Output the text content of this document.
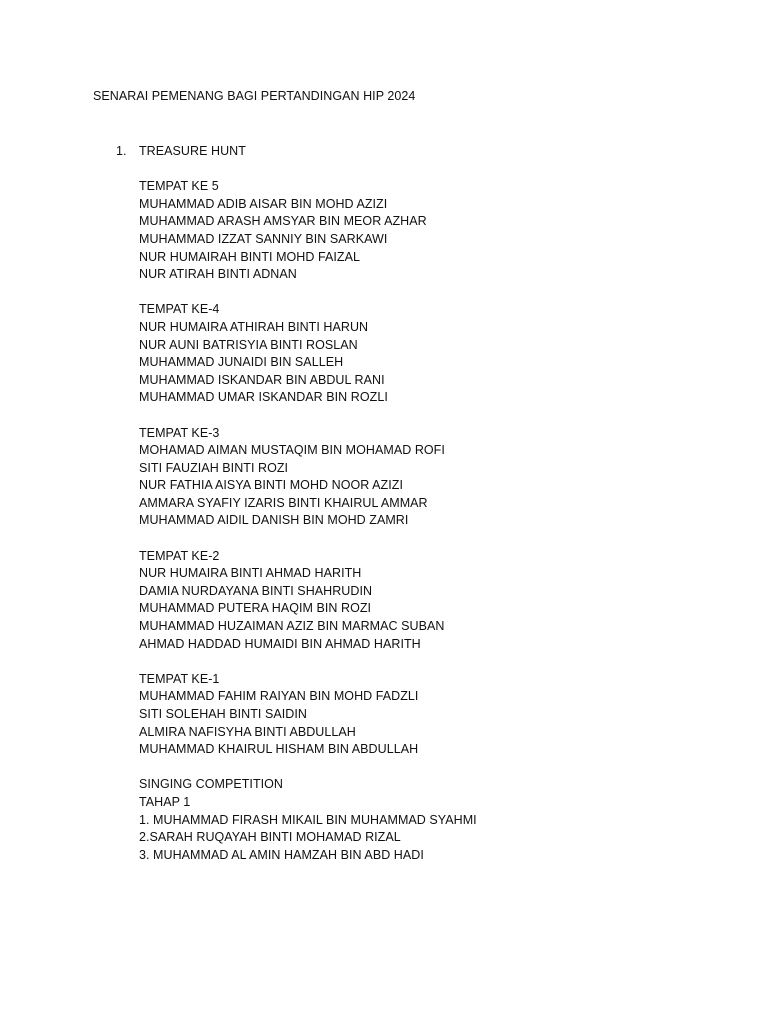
SENARAI PEMENANG BAGI PERTANDINGAN HIP 2024
1. TREASURE HUNT
TEMPAT KE 5
MUHAMMAD ADIB AISAR BIN MOHD AZIZI
MUHAMMAD ARASH AMSYAR BIN MEOR AZHAR
MUHAMMAD IZZAT SANNIY BIN SARKAWI
NUR HUMAIRAH BINTI MOHD FAIZAL
NUR ATIRAH BINTI ADNAN
TEMPAT KE-4
NUR HUMAIRA ATHIRAH BINTI HARUN
NUR AUNI BATRISYIA BINTI ROSLAN
MUHAMMAD JUNAIDI BIN SALLEH
MUHAMMAD ISKANDAR BIN ABDUL RANI
MUHAMMAD UMAR ISKANDAR BIN ROZLI
TEMPAT KE-3
MOHAMAD AIMAN MUSTAQIM BIN MOHAMAD ROFI
SITI FAUZIAH BINTI ROZI
NUR FATHIA AISYA BINTI MOHD NOOR AZIZI
AMMARA SYAFIY IZARIS BINTI KHAIRUL AMMAR
MUHAMMAD AIDIL DANISH BIN MOHD ZAMRI
TEMPAT KE-2
NUR HUMAIRA BINTI AHMAD HARITH
DAMIA NURDAYANA BINTI SHAHRUDIN
MUHAMMAD PUTERA HAQIM BIN ROZI
MUHAMMAD HUZAIMAN AZIZ BIN MARMAC SUBAN
AHMAD HADDAD HUMAIDI BIN AHMAD HARITH
TEMPAT KE-1
MUHAMMAD FAHIM RAIYAN BIN MOHD FADZLI
SITI SOLEHAH BINTI SAIDIN
ALMIRA NAFISYHA BINTI ABDULLAH
MUHAMMAD KHAIRUL HISHAM BIN ABDULLAH
SINGING COMPETITION
TAHAP 1
1. MUHAMMAD FIRASH MIKAIL BIN MUHAMMAD SYAHMI
2.SARAH RUQAYAH BINTI MOHAMAD RIZAL
3. MUHAMMAD AL AMIN HAMZAH BIN ABD HADI
